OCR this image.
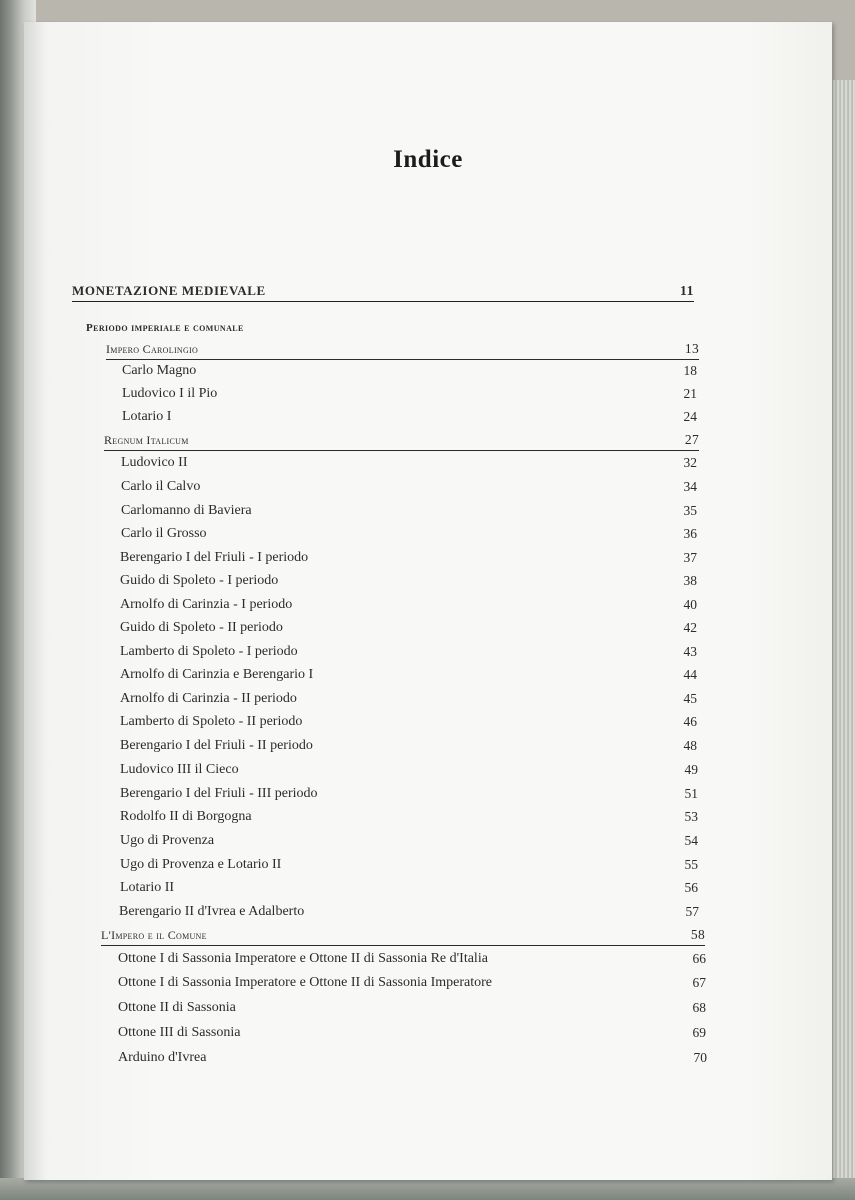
Indice
MONETAZIONE MEDIEVALE	11
Periodo imperiale e comunale
Impero Carolingio	13
Carlo Magno	18
Ludovico I il Pio	21
Lotario I	24
Regnum Italicum	27
Ludovico II	32
Carlo il Calvo	34
Carlomanno di Baviera	35
Carlo il Grosso	36
Berengario I del Friuli - I periodo	37
Guido di Spoleto - I periodo	38
Arnolfo di Carinzia - I periodo	40
Guido di Spoleto - II periodo	42
Lamberto di Spoleto - I periodo	43
Arnolfo di Carinzia e Berengario I	44
Arnolfo di Carinzia - II periodo	45
Lamberto di Spoleto - II periodo	46
Berengario I del Friuli - II periodo	48
Ludovico III il Cieco	49
Berengario I del Friuli - III periodo	51
Rodolfo II di Borgogna	53
Ugo di Provenza	54
Ugo di Provenza e Lotario II	55
Lotario II	56
Berengario II d'Ivrea e Adalberto	57
L'Impero e il Comune	58
Ottone I di Sassonia Imperatore e Ottone II di Sassonia Re d'Italia	66
Ottone I di Sassonia Imperatore e Ottone II di Sassonia Imperatore	67
Ottone II di Sassonia	68
Ottone III di Sassonia	69
Arduino d'Ivrea	70
